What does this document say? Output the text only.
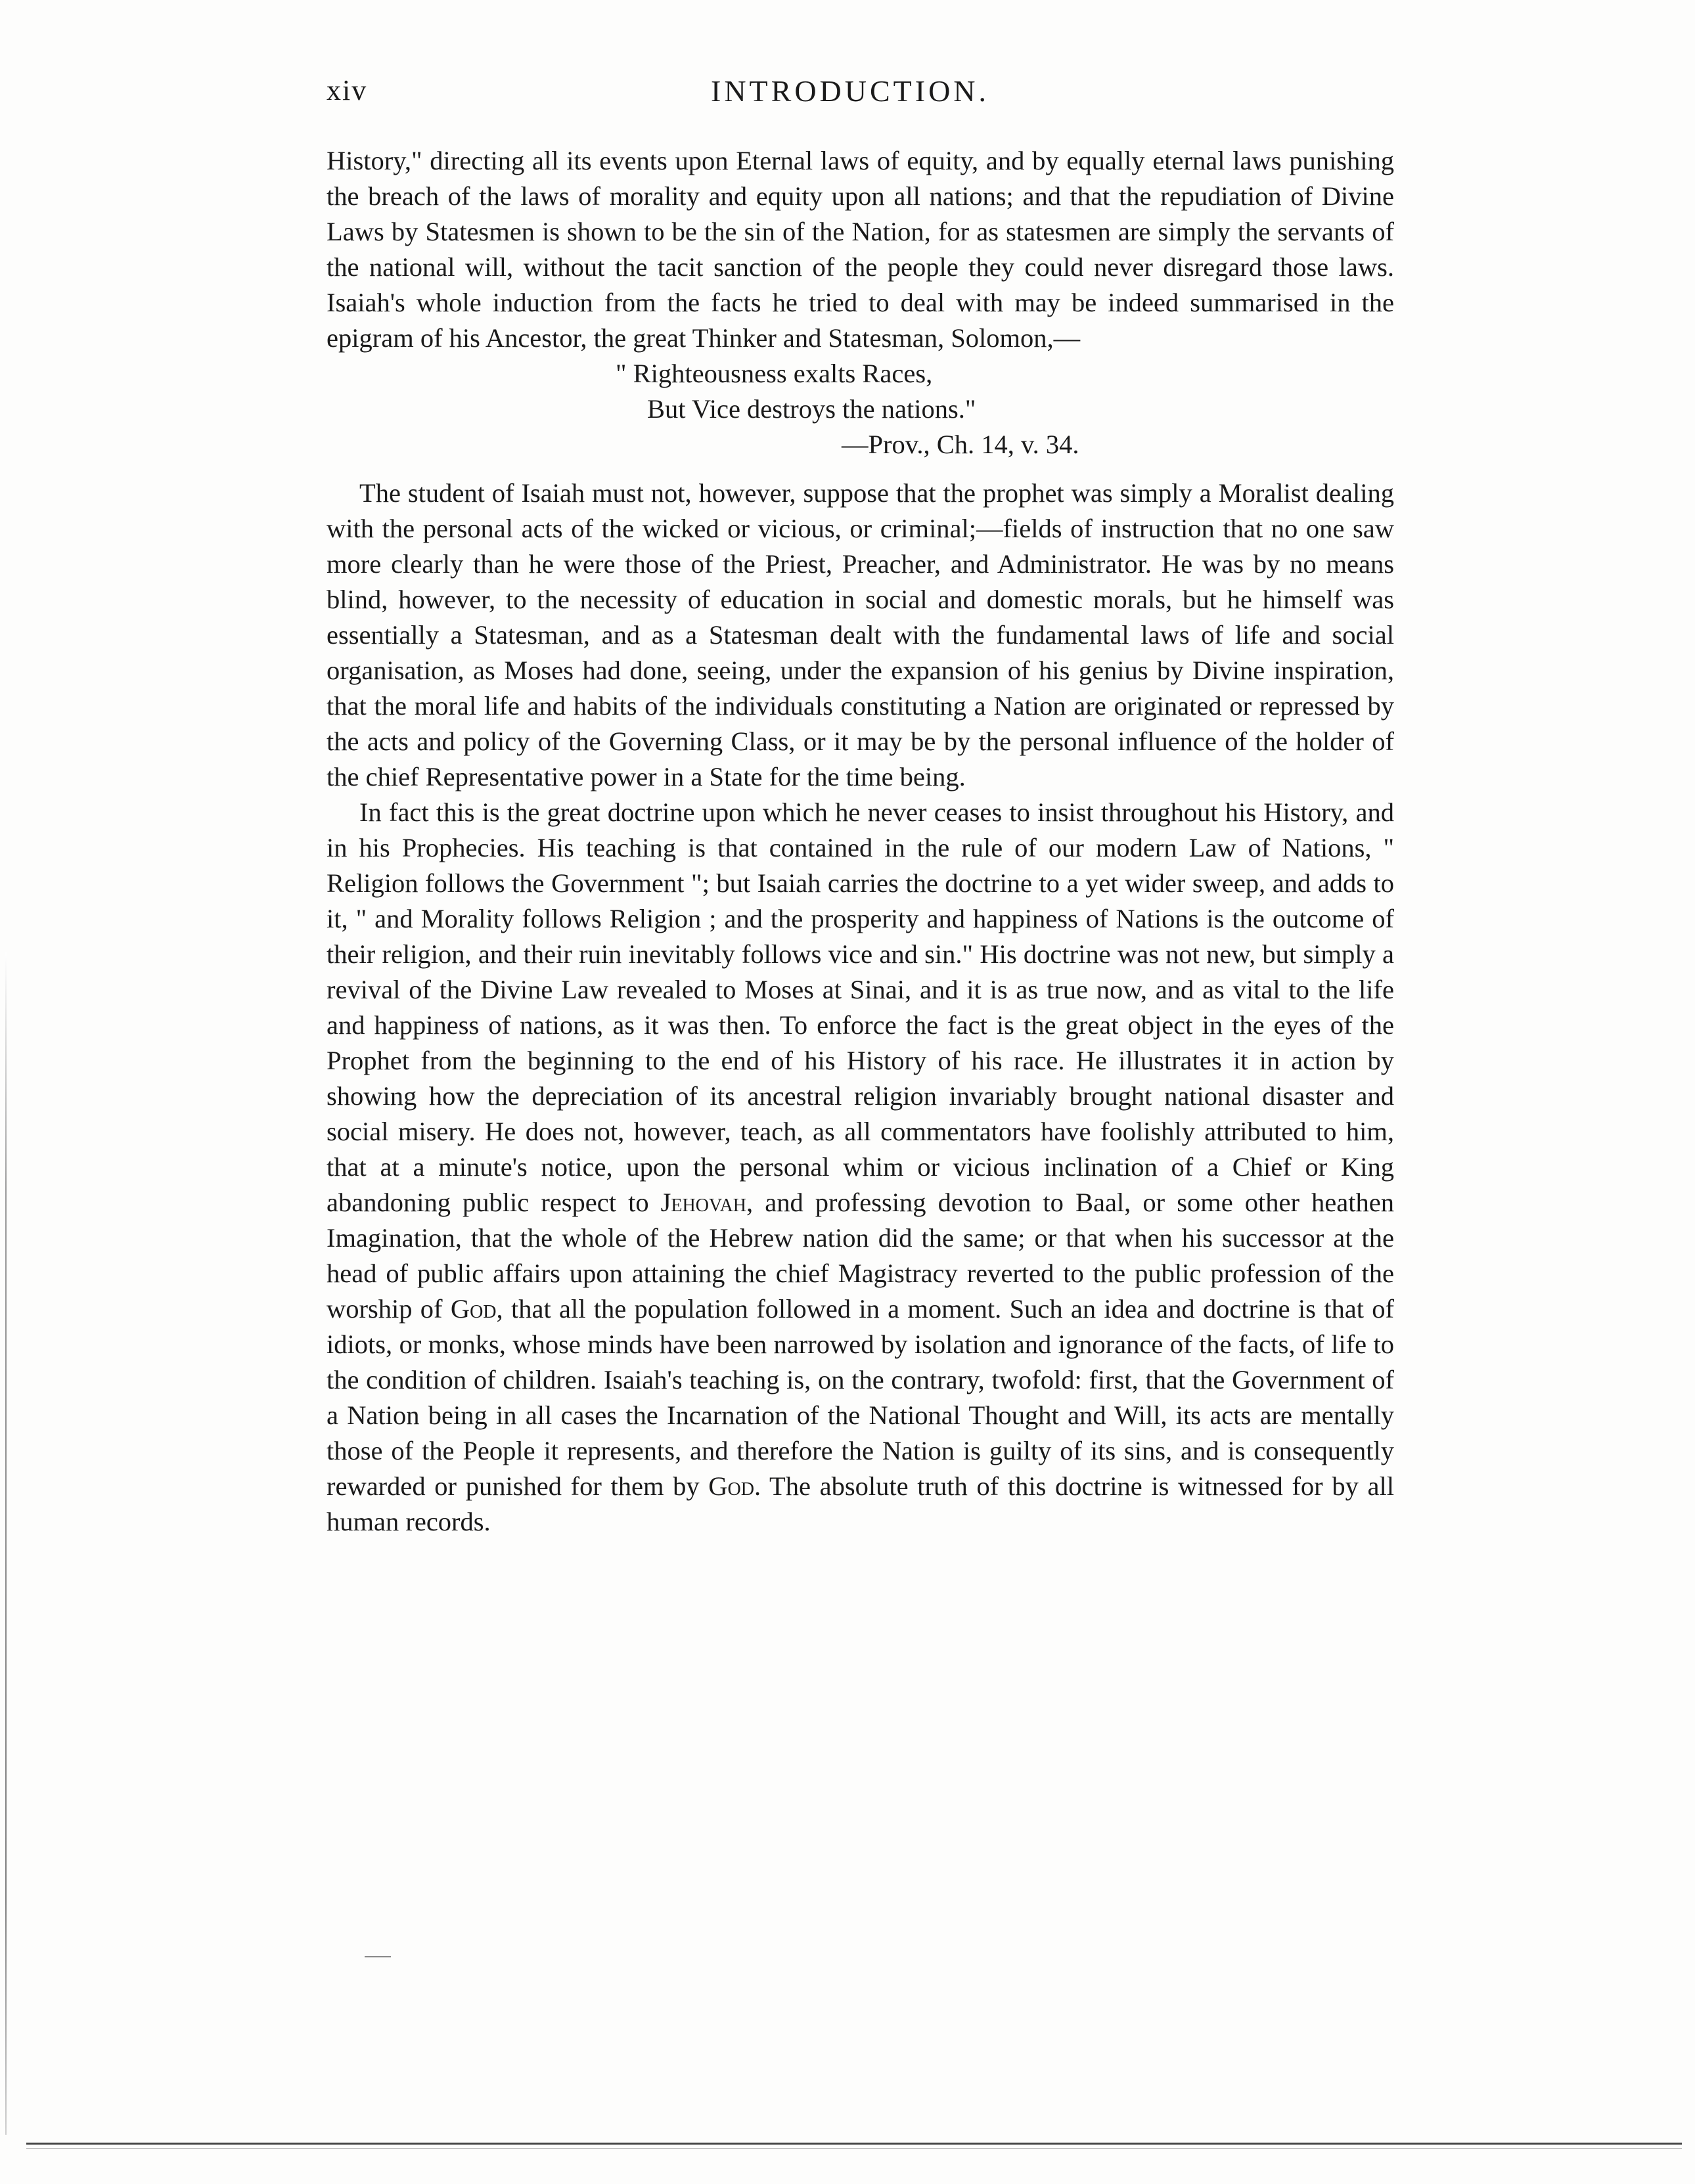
xiv	INTRODUCTION.

History," directing all its events upon Eternal laws of equity, and by equally eternal laws punishing the breach of the laws of morality and equity upon all nations; and that the repudiation of Divine Laws by Statesmen is shown to be the sin of the Nation, for as statesmen are simply the servants of the national will, without the tacit sanction of the people they could never disregard those laws. Isaiah's whole induction from the facts he tried to deal with may be indeed summarised in the epigram of his Ancestor, the great Thinker and Statesman, Solomon,—

" Righteousness exalts Races,
But Vice destroys the nations."
—Prov., Ch. 14, v. 34.

The student of Isaiah must not, however, suppose that the prophet was simply a Moralist dealing with the personal acts of the wicked or vicious, or criminal;—fields of instruction that no one saw more clearly than he were those of the Priest, Preacher, and Administrator. He was by no means blind, however, to the necessity of education in social and domestic morals, but he himself was essentially a Statesman, and as a Statesman dealt with the fundamental laws of life and social organisation, as Moses had done, seeing, under the expansion of his genius by Divine inspiration, that the moral life and habits of the individuals constituting a Nation are originated or repressed by the acts and policy of the Governing Class, or it may be by the personal influence of the holder of the chief Representative power in a State for the time being.

In fact this is the great doctrine upon which he never ceases to insist throughout his History, and in his Prophecies. His teaching is that contained in the rule of our modern Law of Nations, " Religion follows the Government "; but Isaiah carries the doctrine to a yet wider sweep, and adds to it, " and Morality follows Religion ; and the prosperity and happiness of Nations is the outcome of their religion, and their ruin inevitably follows vice and sin." His doctrine was not new, but simply a revival of the Divine Law revealed to Moses at Sinai, and it is as true now, and as vital to the life and happiness of nations, as it was then. To enforce the fact is the great object in the eyes of the Prophet from the beginning to the end of his History of his race. He illustrates it in action by showing how the depreciation of its ancestral religion invariably brought national disaster and social misery. He does not, however, teach, as all commentators have foolishly attributed to him, that at a minute's notice, upon the personal whim or vicious inclination of a Chief or King abandoning public respect to Jehovah, and professing devotion to Baal, or some other heathen Imagination, that the whole of the Hebrew nation did the same; or that when his successor at the head of public affairs upon attaining the chief Magistracy reverted to the public profession of the worship of God, that all the population followed in a moment. Such an idea and doctrine is that of idiots, or monks, whose minds have been narrowed by isolation and ignorance of the facts, of life to the condition of children. Isaiah's teaching is, on the contrary, twofold: first, that the Government of a Nation being in all cases the Incarnation of the National Thought and Will, its acts are mentally those of the People it represents, and therefore the Nation is guilty of its sins, and is consequently rewarded or punished for them by God. The absolute truth of this doctrine is witnessed for by all human records.
